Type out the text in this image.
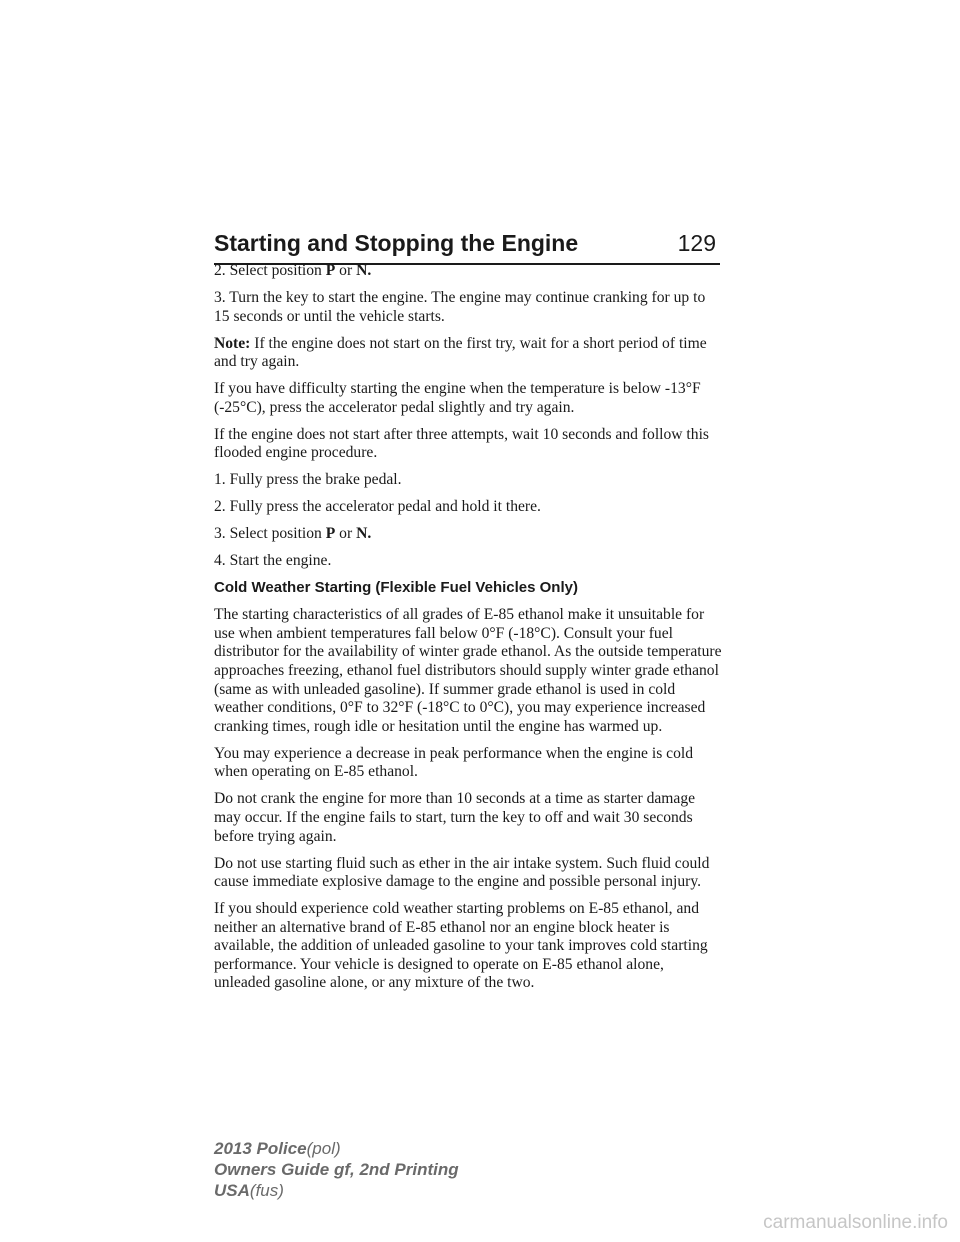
Starting and Stopping the Engine	129

2. Select position P or N.

3. Turn the key to start the engine. The engine may continue cranking for up to 15 seconds or until the vehicle starts.

Note: If the engine does not start on the first try, wait for a short period of time and try again.

If you have difficulty starting the engine when the temperature is below -13°F (-25°C), press the accelerator pedal slightly and try again.

If the engine does not start after three attempts, wait 10 seconds and follow this flooded engine procedure.

1. Fully press the brake pedal.

2. Fully press the accelerator pedal and hold it there.

3. Select position P or N.

4. Start the engine.

Cold Weather Starting (Flexible Fuel Vehicles Only)

The starting characteristics of all grades of E-85 ethanol make it unsuitable for use when ambient temperatures fall below 0°F (-18°C). Consult your fuel distributor for the availability of winter grade ethanol. As the outside temperature approaches freezing, ethanol fuel distributors should supply winter grade ethanol (same as with unleaded gasoline). If summer grade ethanol is used in cold weather conditions, 0°F to 32°F (-18°C to 0°C), you may experience increased cranking times, rough idle or hesitation until the engine has warmed up.

You may experience a decrease in peak performance when the engine is cold when operating on E-85 ethanol.

Do not crank the engine for more than 10 seconds at a time as starter damage may occur. If the engine fails to start, turn the key to off and wait 30 seconds before trying again.

Do not use starting fluid such as ether in the air intake system. Such fluid could cause immediate explosive damage to the engine and possible personal injury.

If you should experience cold weather starting problems on E-85 ethanol, and neither an alternative brand of E-85 ethanol nor an engine block heater is available, the addition of unleaded gasoline to your tank improves cold starting performance. Your vehicle is designed to operate on E-85 ethanol alone, unleaded gasoline alone, or any mixture of the two.

2013 Police(pol)
Owners Guide gf, 2nd Printing
USA(fus)
carmanualsonline.info
